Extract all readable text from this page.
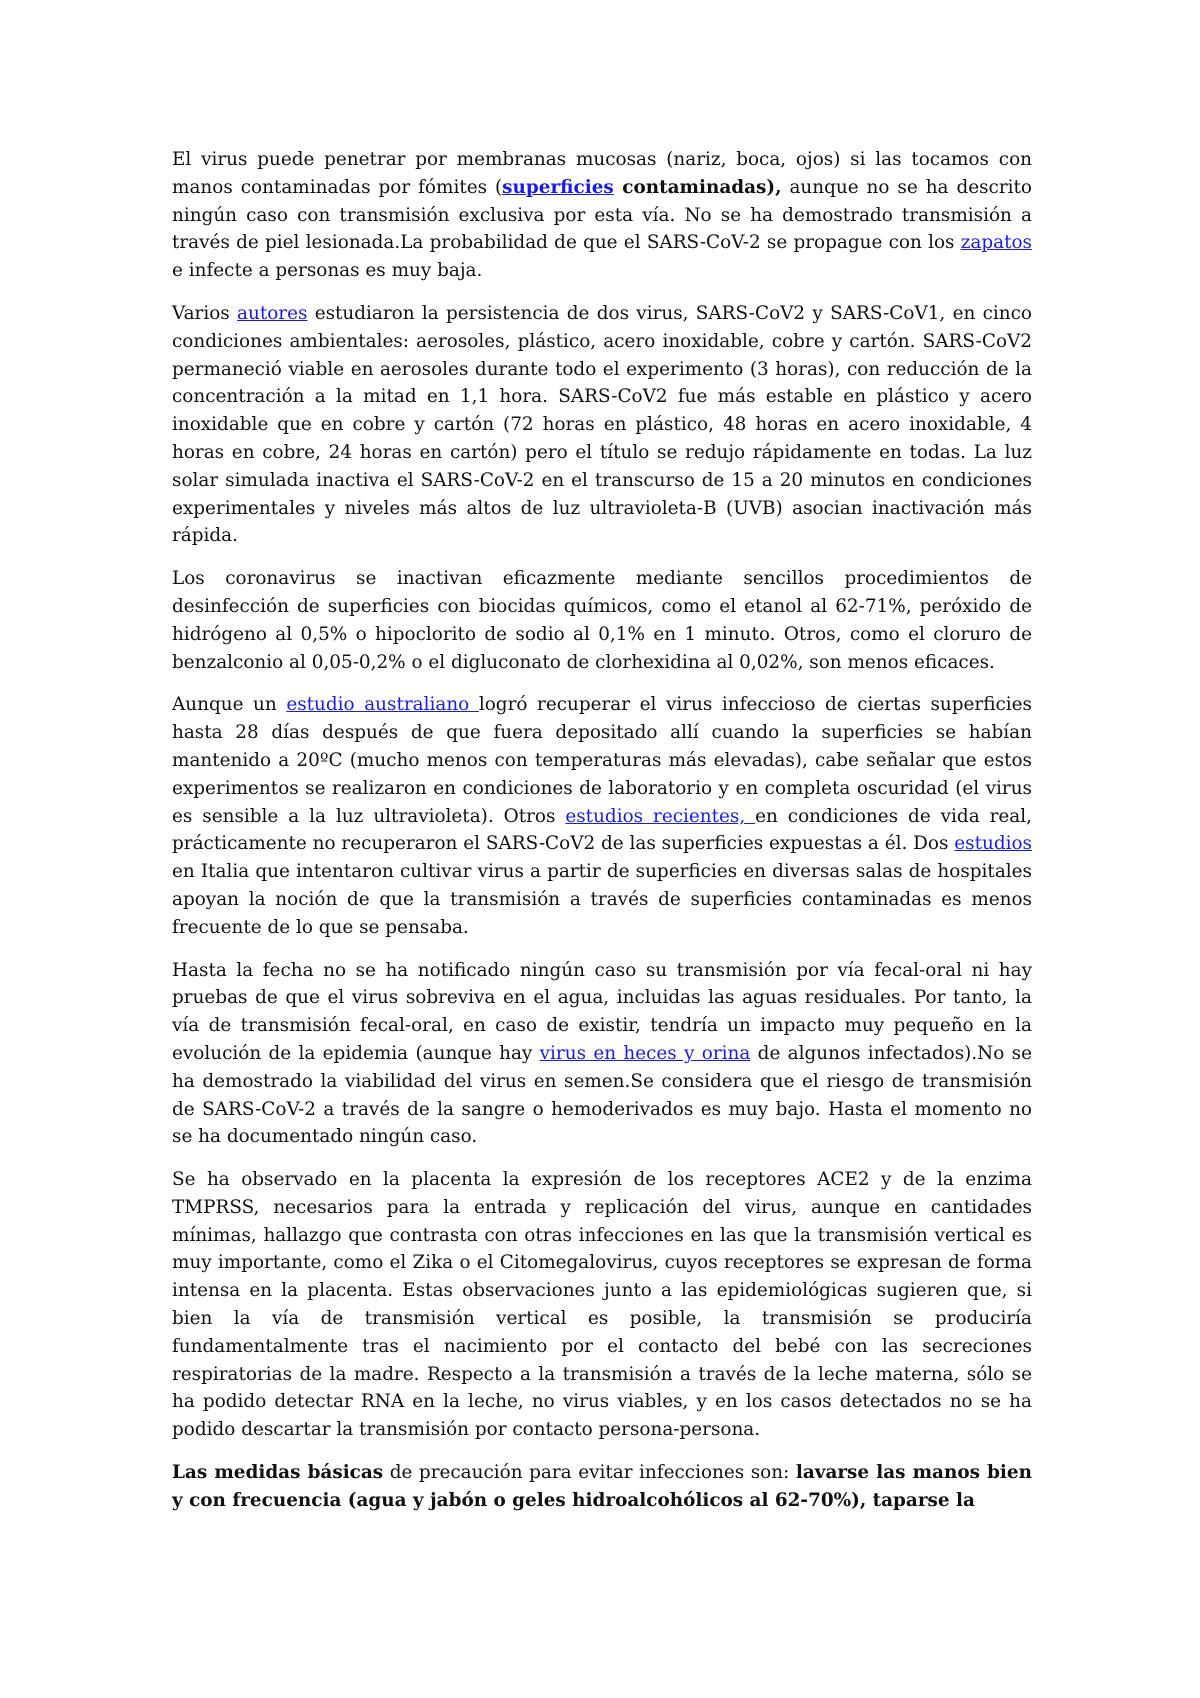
El virus puede penetrar por membranas mucosas (nariz, boca, ojos) si las tocamos con manos contaminadas por fómites (superficies contaminadas), aunque no se ha descrito ningún caso con transmisión exclusiva por esta vía. No se ha demostrado transmisión a través de piel lesionada.La probabilidad de que el SARS-CoV-2 se propague con los zapatos e infecte a personas es muy baja.

Varios autores estudiaron la persistencia de dos virus, SARS-CoV2 y SARS-CoV1, en cinco condiciones ambientales: aerosoles, plástico, acero inoxidable, cobre y cartón. SARS-CoV2 permaneció viable en aerosoles durante todo el experimento (3 horas), con reducción de la concentración a la mitad en 1,1 hora. SARS-CoV2 fue más estable en plástico y acero inoxidable que en cobre y cartón (72 horas en plástico, 48 horas en acero inoxidable, 4 horas en cobre, 24 horas en cartón) pero el título se redujo rápidamente en todas. La luz solar simulada inactiva el SARS-CoV-2 en el transcurso de 15 a 20 minutos en condiciones experimentales y niveles más altos de luz ultravioleta-B (UVB) asocian inactivación más rápida.

Los coronavirus se inactivan eficazmente mediante sencillos procedimientos de desinfección de superficies con biocidas químicos, como el etanol al 62-71%, peróxido de hidrógeno al 0,5% o hipoclorito de sodio al 0,1% en 1 minuto. Otros, como el cloruro de benzalconio al 0,05-0,2% o el digluconato de clorhexidina al 0,02%, son menos eficaces.

Aunque un estudio australiano logró recuperar el virus infeccioso de ciertas superficies hasta 28 días después de que fuera depositado allí cuando la superficies se habían mantenido a 20ºC (mucho menos con temperaturas más elevadas), cabe señalar que estos experimentos se realizaron en condiciones de laboratorio y en completa oscuridad (el virus es sensible a la luz ultravioleta). Otros estudios recientes, en condiciones de vida real, prácticamente no recuperaron el SARS-CoV2 de las superficies expuestas a él. Dos estudios en Italia que intentaron cultivar virus a partir de superficies en diversas salas de hospitales apoyan la noción de que la transmisión a través de superficies contaminadas es menos frecuente de lo que se pensaba.

Hasta la fecha no se ha notificado ningún caso su transmisión por vía fecal-oral ni hay pruebas de que el virus sobreviva en el agua, incluidas las aguas residuales. Por tanto, la vía de transmisión fecal-oral, en caso de existir, tendría un impacto muy pequeño en la evolución de la epidemia (aunque hay virus en heces y orina de algunos infectados).No se ha demostrado la viabilidad del virus en semen.Se considera que el riesgo de transmisión de SARS-CoV-2 a través de la sangre o hemoderivados es muy bajo. Hasta el momento no se ha documentado ningún caso.

Se ha observado en la placenta la expresión de los receptores ACE2 y de la enzima TMPRSS, necesarios para la entrada y replicación del virus, aunque en cantidades mínimas, hallazgo que contrasta con otras infecciones en las que la transmisión vertical es muy importante, como el Zika o el Citomegalovirus, cuyos receptores se expresan de forma intensa en la placenta. Estas observaciones junto a las epidemiológicas sugieren que, si bien la vía de transmisión vertical es posible, la transmisión se produciría fundamentalmente tras el nacimiento por el contacto del bebé con las secreciones respiratorias de la madre. Respecto a la transmisión a través de la leche materna, sólo se ha podido detectar RNA en la leche, no virus viables, y en los casos detectados no se ha podido descartar la transmisión por contacto persona-persona.

Las medidas básicas de precaución para evitar infecciones son: lavarse las manos bien y con frecuencia (agua y jabón o geles hidroalcohólicos al 62-70%), taparse la
